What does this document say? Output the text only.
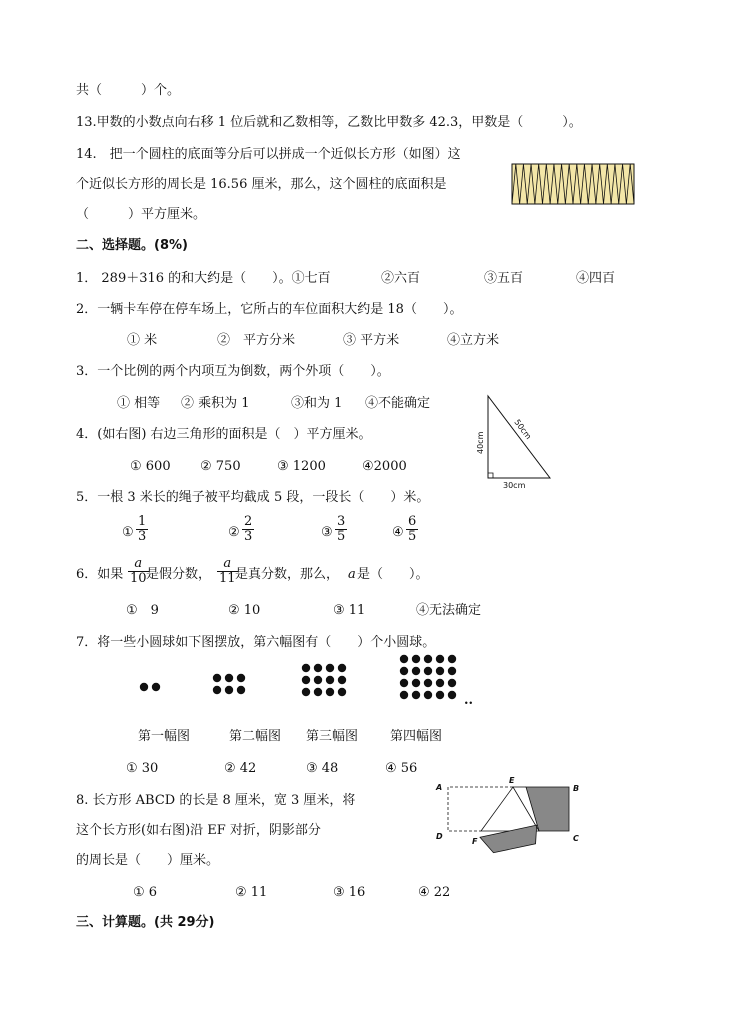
共（　　　）个。
13.甲数的小数点向右移 1 位后就和乙数相等，乙数比甲数多 42.3，甲数是（　　　）。
14.　把一个圆柱的底面等分后可以拼成一个近似长方形（如图）这
个近似长方形的周长是 16.56 厘米，那么，这个圆柱的底面积是
（　　　）平方厘米。
二、选择题。(8%)
1． 289＋316 的和大约是（　　）。①七百	②六百	③五百	④四百
2．一辆卡车停在停车场上，它所占的车位面积大约是 18（　　）。
① 米	②　平方分米	③ 平方米	④立方米
3．一个比例的两个内项互为倒数，两个外项（　　）。
① 相等 ② 乘积为 1	③和为 1 ④不能确定
4．(如右图) 右边三角形的面积是（　）平方厘米。
① 600 ② 750	③ 1200	④2000
40cm
50cm
30cm
5．一根 3 米长的绳子被平均截成 5 段，一段长（　　）米。
①
1
3	②
2
3	③
3
5	④
6
5
6．如果
a
10 是假分数，
a
11 是真分数，那么， a 是（　　）。
①　9	② 10	③ 11	④无法确定
7．将一些小圆球如下图摆放，第六幅图有（　　）个小圆球。
..
第一幅图	第二幅图 第三幅图 第四幅图
① 30	② 42	③ 48	④ 56
8. 长方形 ABCD 的长是 8 厘米，宽 3 厘米，将
这个长方形(如右图)沿 EF 对折，阴影部分
的周长是（　　）厘米。
① 6	② 11	③ 16	④ 22
A	B
C
D
E
F
三、计算题。(共 29分)
